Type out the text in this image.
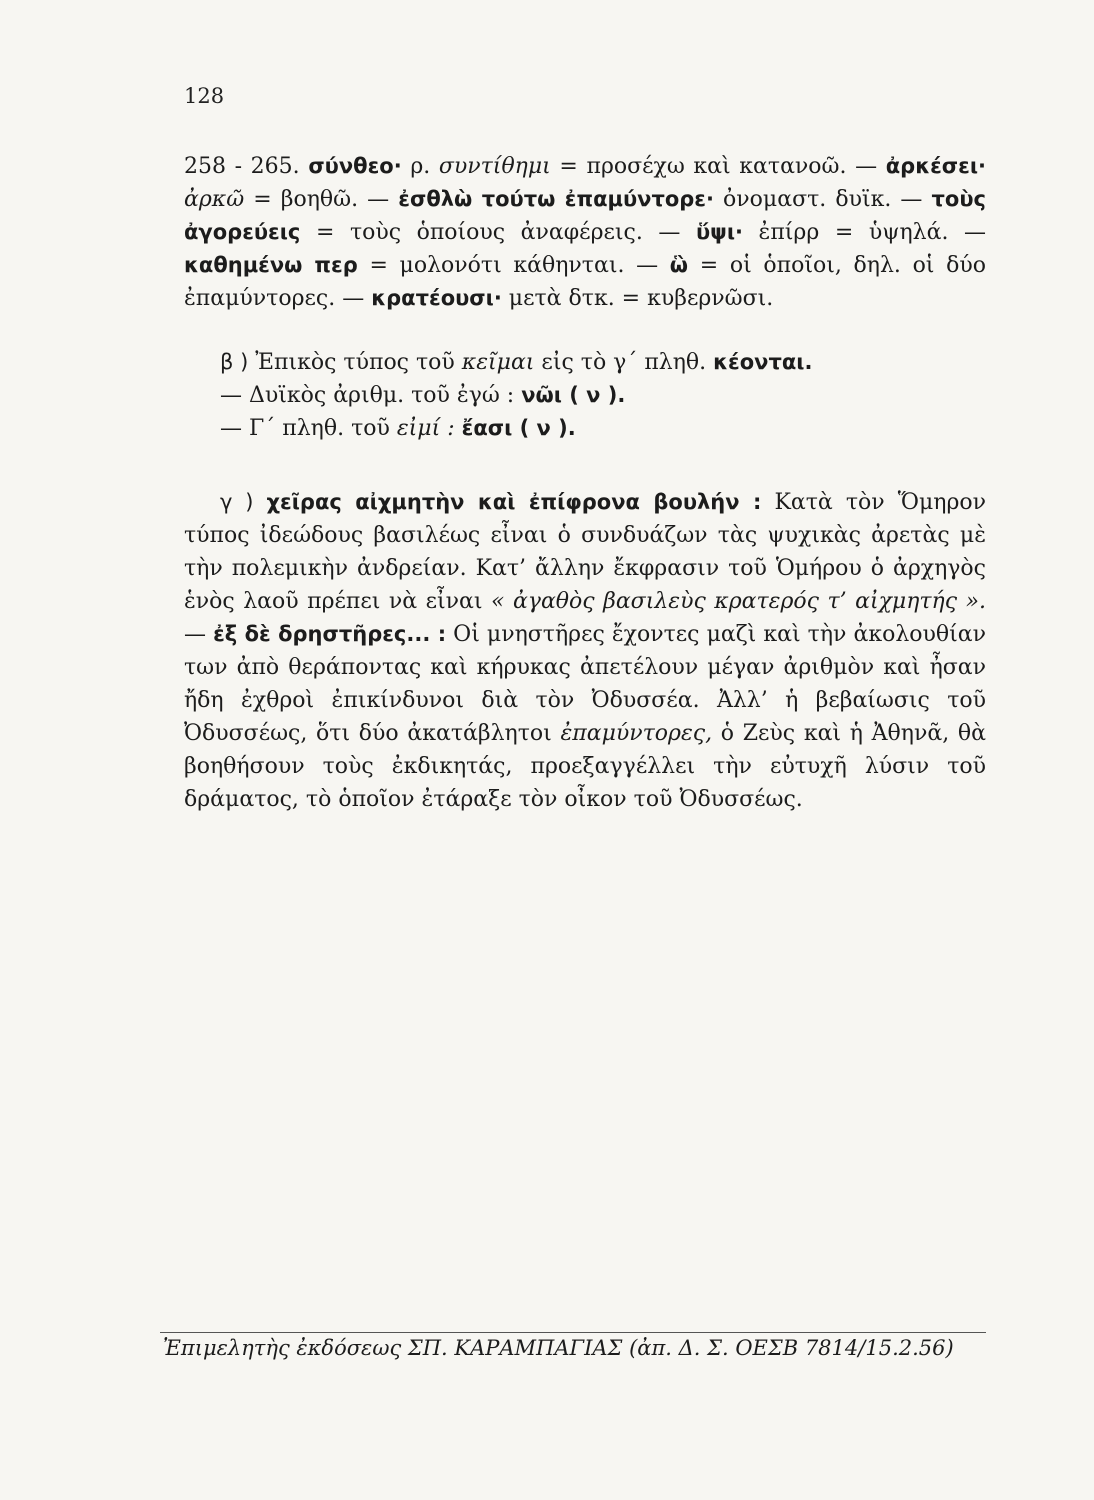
128
258 - 265. σύνθεο· ρ. συντίθημι = προσέχω καὶ κατανοῶ. — ἀρκέσει· ἀρκῶ = βοηθῶ. — ἐσθλὼ τούτω ἐπαμύντορε· ὀνομαστ. δυϊκ. — τοὺς ἀγορεύεις = τοὺς ὁποίους ἀναφέρεις. — ὕψι· ἐπίρρ = ὑψηλά. — καθημένω περ = μολονότι κάθηνται. — ὣ = οἱ ὁποῖοι, δηλ. οἱ δύο ἐπαμύντορες. — κρατέουσι· μετὰ δτκ. = κυβερνῶσι.
β ) Ἐπικὸς τύπος τοῦ κεῖμαι εἰς τὸ γ΄ πληθ. κέονται.
— Δυϊκὸς ἀριθμ. τοῦ ἐγώ : νῶι ( ν ).
— Γ΄ πληθ. τοῦ εἰμί : ἔασι ( ν ).
γ ) χεῖρας αἰχμητὴν καὶ ἐπίφρονα βουλήν : Κατὰ τὸν Ὅμηρον τύπος ἰδεώδους βασιλέως εἶναι ὁ συνδυάζων τὰς ψυχικὰς ἀρετὰς μὲ τὴν πολεμικὴν ἀνδρείαν. Κατ’ ἄλλην ἔκφρασιν τοῦ Ὁμήρου ὁ ἀρχηγὸς ἑνὸς λαοῦ πρέπει νὰ εἶναι « ἀγαθὸς βασιλεὺς κρατερός τ’ αἰχμητής ». — ἐξ δὲ δρηστῆρες... : Οἱ μνηστῆρες ἔχοντες μαζὶ καὶ τὴν ἀκολουθίαν των ἀπὸ θεράποντας καὶ κήρυκας ἀπετέλουν μέγαν ἀριθμὸν καὶ ἦσαν ἤδη ἐχθροὶ ἐπικίνδυνοι διὰ τὸν Ὀδυσσέα. Ἀλλ’ ἡ βεβαίωσις τοῦ Ὀδυσσέως, ὅτι δύο ἀκατάβλητοι ἐπαμύντορες, ὁ Ζεὺς καὶ ἡ Ἀθηνᾶ, θὰ βοηθήσουν τοὺς ἐκδικητάς, προεξαγγέλλει τὴν εὐτυχῆ λύσιν τοῦ δράματος, τὸ ὁποῖον ἐτάραξε τὸν οἶκον τοῦ Ὀδυσσέως.
Ἐπιμελητὴς ἐκδόσεως ΣΠ. ΚΑΡΑΜΠΑΓΙΑΣ (ἀπ. Δ. Σ. ΟΕΣΒ 7814/15.2.56)
